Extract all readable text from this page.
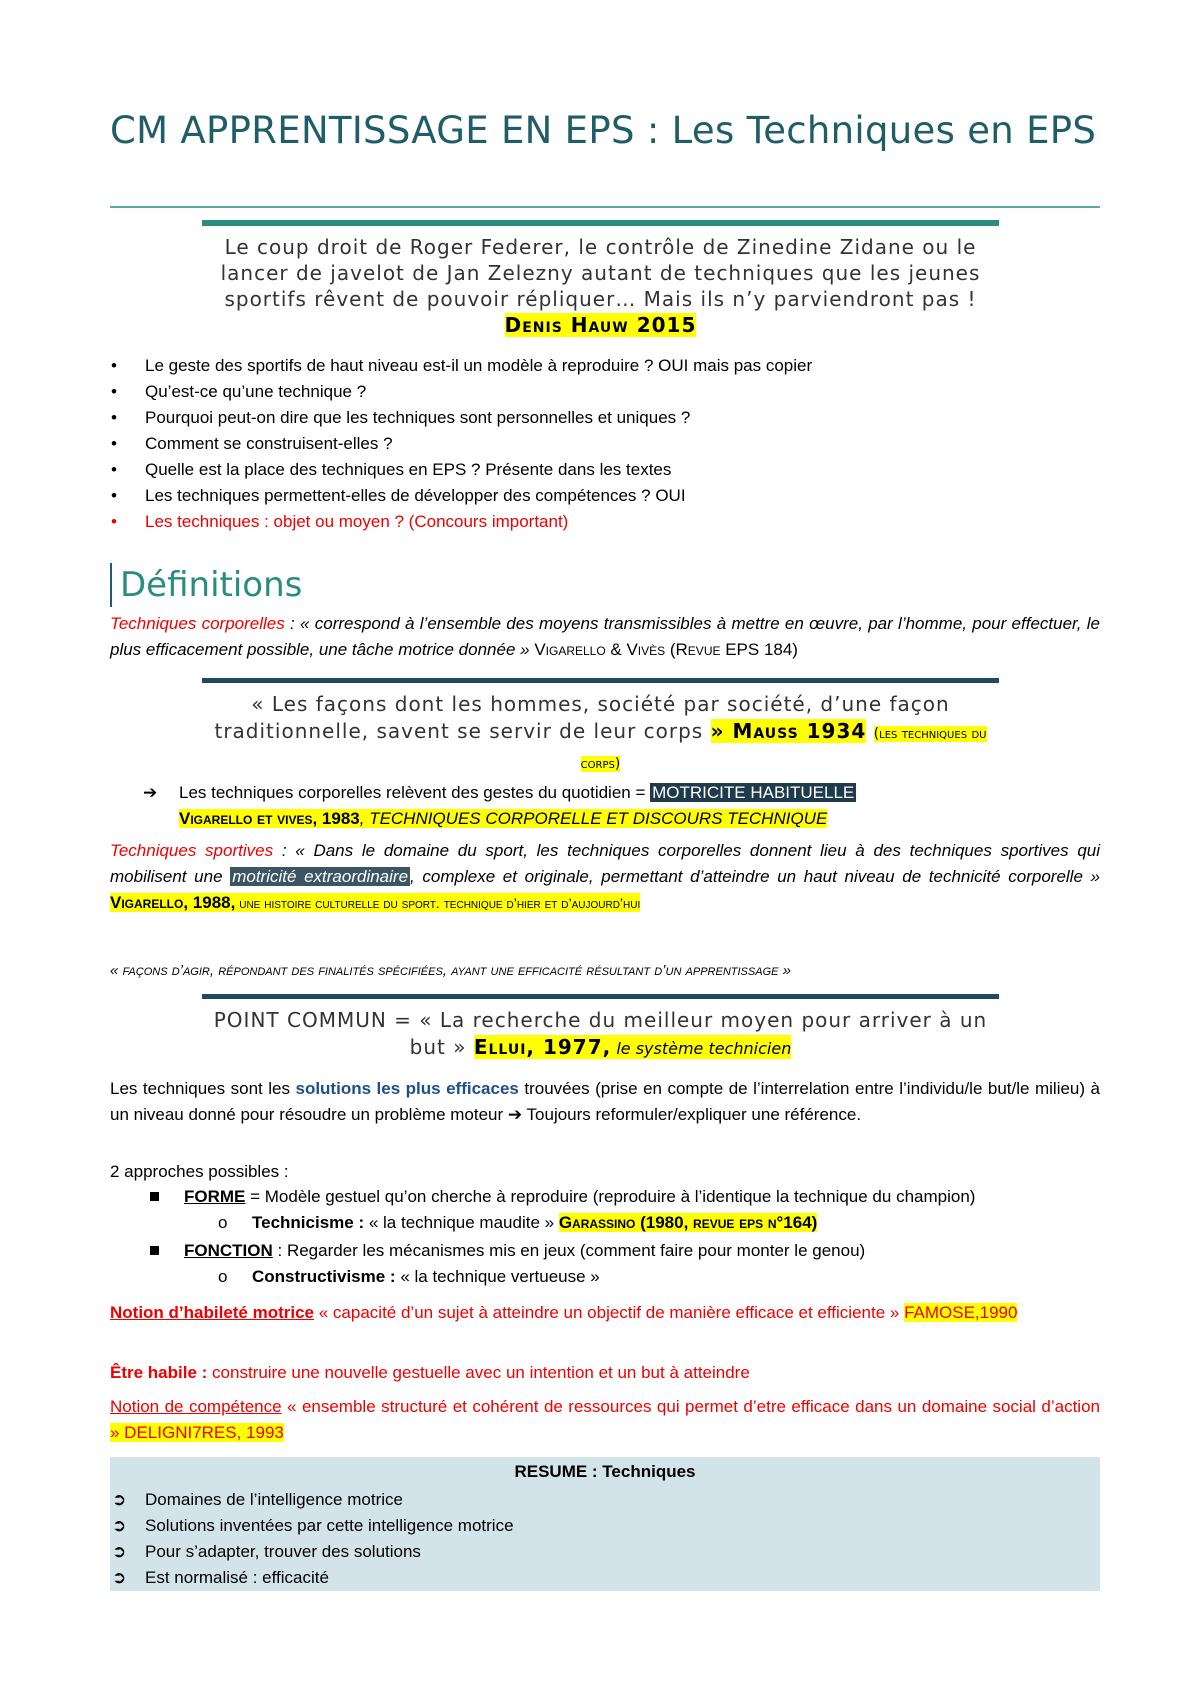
CM APPRENTISSAGE EN EPS : Les Techniques en EPS
Le coup droit de Roger Federer, le contrôle de Zinedine Zidane ou le lancer de javelot de Jan Zelezny autant de techniques que les jeunes sportifs rêvent de pouvoir répliquer… Mais ils n’y parviendront pas !
Denis Hauw 2015
• Le geste des sportifs de haut niveau est-il un modèle à reproduire ? OUI mais pas copier
• Qu’est-ce qu’une technique ?
• Pourquoi peut-on dire que les techniques sont personnelles et uniques ?
• Comment se construisent-elles ?
• Quelle est la place des techniques en EPS ? Présente dans les textes
• Les techniques permettent-elles de développer des compétences ? OUI
• Les techniques : objet ou moyen ? (Concours important)
Définitions
Techniques corporelles : « correspond à l’ensemble des moyens transmissibles à mettre en œuvre, par l’homme, pour effectuer, le plus efficacement possible, une tâche motrice donnée » Vigarello & Vivès (Revue EPS 184)
« Les façons dont les hommes, société par société, d’une façon traditionnelle, savent se servir de leur corps » Mauss 1934 (les techniques du corps)
➔ Les techniques corporelles relèvent des gestes du quotidien = MOTRICITE HABITUELLE
Vigarello et vives, 1983, TECHNIQUES CORPORELLE ET DISCOURS TECHNIQUE
Techniques sportives : « Dans le domaine du sport, les techniques corporelles donnent lieu à des techniques sportives qui mobilisent une motricité extraordinaire , complexe et originale, permettant d’atteindre un haut niveau de technicité corporelle » Vigarello, 1988, une histoire culturelle du sport. technique d’hier et d’aujourd’hui
« façons d’agir, répondant des finalités spécifiées, ayant une efficacité résultant d’un apprentissage »
POINT COMMUN = « La recherche du meilleur moyen pour arriver à un but » Ellui, 1977, le système technicien
Les techniques sont les solutions les plus efficaces trouvées (prise en compte de l’interrelation entre l’individu/le but/le milieu) à un niveau donné pour résoudre un problème moteur ➔ Toujours reformuler/expliquer une référence.
2 approches possibles :
FORME = Modèle gestuel qu’on cherche à reproduire (reproduire à l’identique la technique du champion)
o Technicisme : « la technique maudite » Garassino (1980, revue eps n°164)
FONCTION : Regarder les mécanismes mis en jeux (comment faire pour monter le genou)
o Constructivisme : « la technique vertueuse »
Notion d’habileté motrice « capacité d’un sujet à atteindre un objectif de manière efficace et efficiente » FAMOSE,1990
Être habile : construire une nouvelle gestuelle avec un intention et un but à atteindre
Notion de compétence « ensemble structuré et cohérent de ressources qui permet d’etre efficace dans un domaine social d’action » DELIGNI7RES, 1993
RESUME : Techniques
➲ Domaines de l’intelligence motrice
➲ Solutions inventées par cette intelligence motrice
➲ Pour s’adapter, trouver des solutions
➲ Est normalisé : efficacité
